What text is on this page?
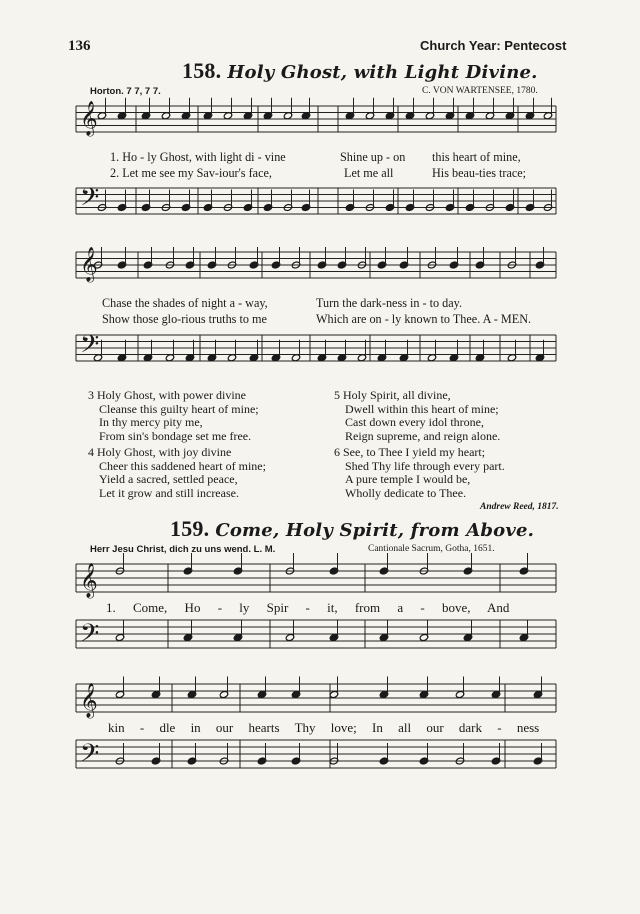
136	Church Year: Pentecost
158. Holy Ghost, with Light Divine.
Horton. 7 7, 7 7.	C. VON WARTENSEE, 1780.
𝄞
𝄢
𝄞
𝄢
𝄞
𝄢
𝄞
𝄢
1. Ho - ly Ghost, with light di - vine	Shine up - on this heart of mine,
2. Let me see my Sav-iour's face,	Let me all	His beau-ties trace;
Chase the shades of night a - way,	Turn the dark-ness in - to day.
Show those glo-rious truths to me	Which are on - ly known to Thee. A - MEN.
3 Holy Ghost, with power divine
Cleanse this guilty heart of mine;
In thy mercy pity me,
From sin's bondage set me free.
4 Holy Ghost, with joy divine
Cheer this saddened heart of mine;
Yield a sacred, settled peace,
Let it grow and still increase.
5 Holy Spirit, all divine,
Dwell within this heart of mine;
Cast down every idol throne,
Reign supreme, and reign alone.
6 See, to Thee I yield my heart;
Shed Thy life through every part.
A pure temple I would be,
Wholly dedicate to Thee.
Andrew Reed, 1817.
159. Come, Holy Spirit, from Above.
Herr Jesu Christ, dich zu uns wend. L. M.	Cantionale Sacrum, Gotha, 1651.
1. Come, Ho - ly Spir - it, from a - bove, And
kin - dle in our hearts Thy love; In all our dark - ness
